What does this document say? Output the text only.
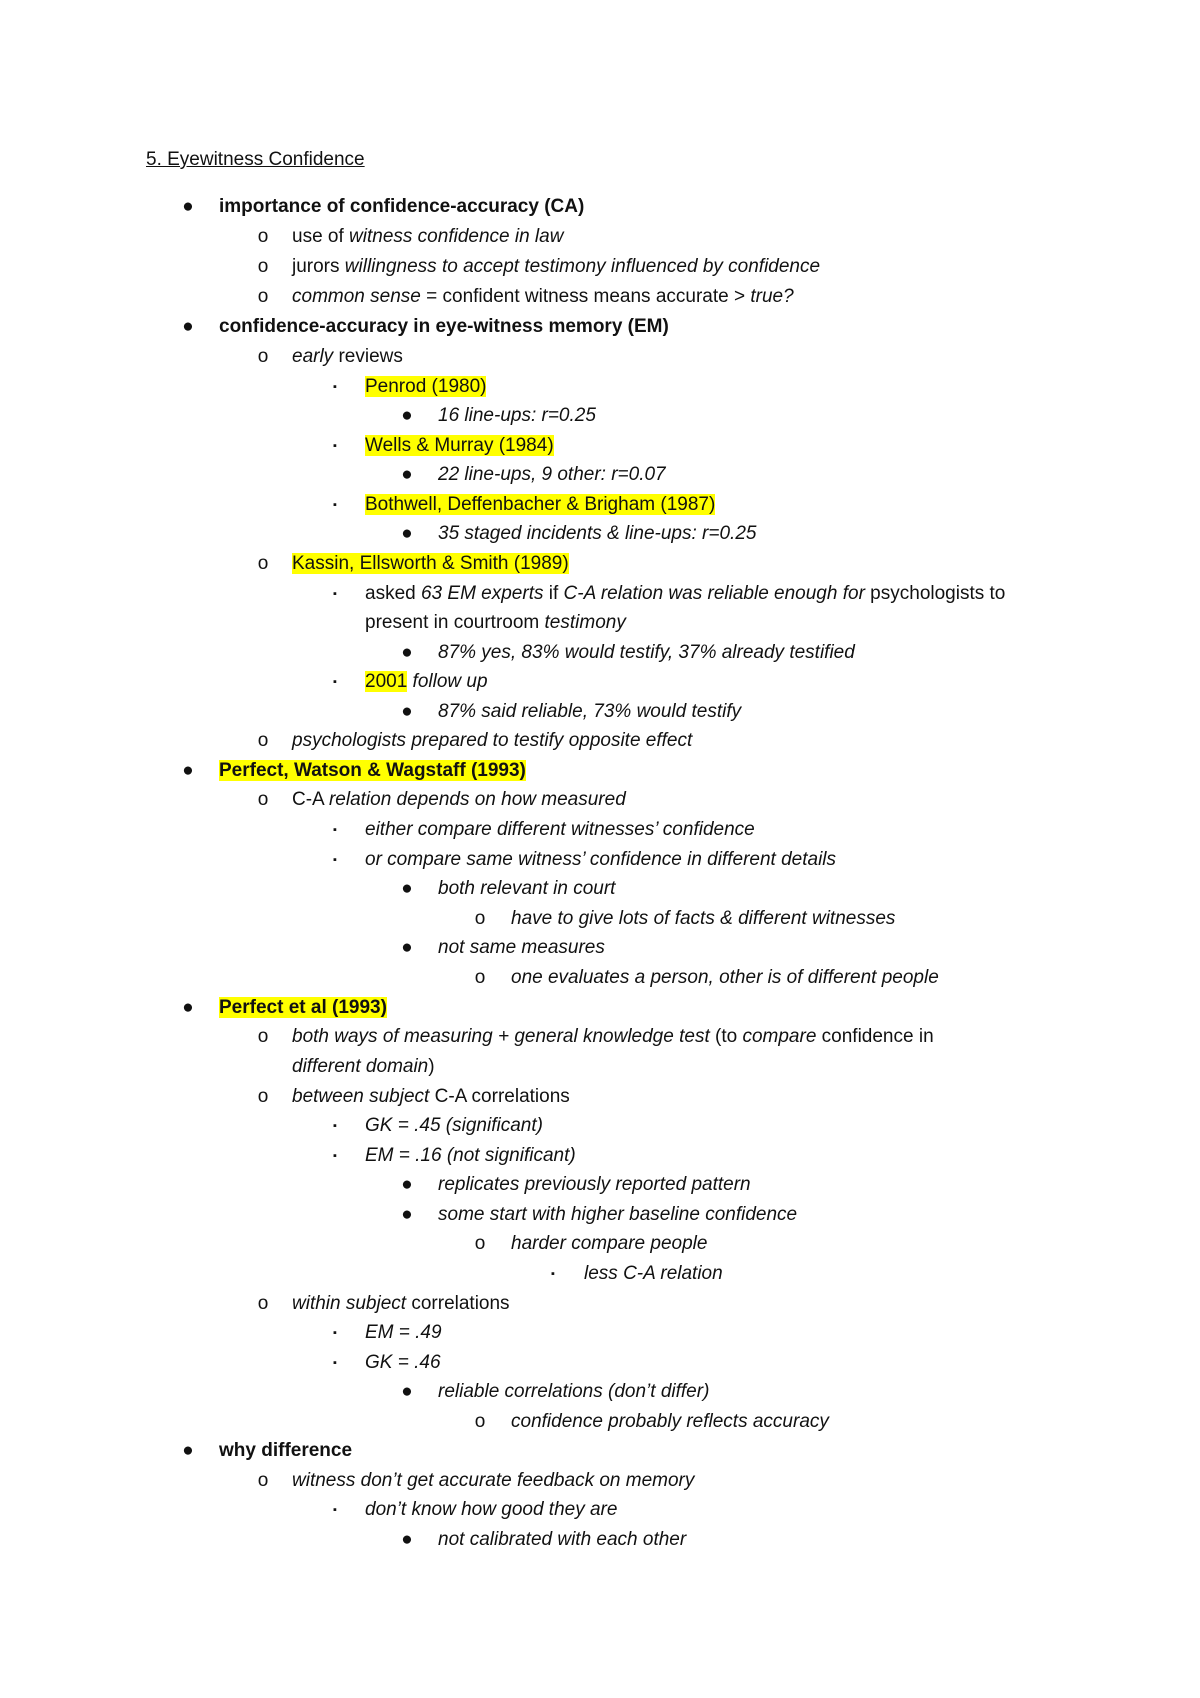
5. Eyewitness Confidence
● importance of confidence-accuracy (CA)
o use of witness confidence in law
o jurors willingness to accept testimony influenced by confidence
o common sense = confident witness means accurate > true?
● confidence-accuracy in eye-witness memory (EM)
o early reviews
▪	Penrod (1980)
● 16 line-ups: r=0.25
▪	Wells & Murray (1984)
● 22 line-ups, 9 other: r=0.07
▪	Bothwell, Deffenbacher & Brigham (1987)
● 35 staged incidents & line-ups: r=0.25
o Kassin, Ellsworth & Smith (1989)
▪	asked 63 EM experts if C-A relation was reliable enough for psychologists to
present in courtroom testimony
● 87% yes, 83% would testify, 37% already testified
▪	2001 follow up
● 87% said reliable, 73% would testify
o psychologists prepared to testify opposite effect
● Perfect, Watson & Wagstaff (1993)
o C-A relation depends on how measured
▪	either compare different witnesses’ confidence
▪	or compare same witness’ confidence in different details
● both relevant in court
o have to give lots of facts & different witnesses
● not same measures
o one evaluates a person, other is of different people
● Perfect et al (1993)
o both ways of measuring + general knowledge test (to compare confidence in
different domain)
o between subject C-A correlations
▪	GK = .45 (significant)
▪	EM = .16 (not significant)
● replicates previously reported pattern
● some start with higher baseline confidence
o harder compare people
▪	less C-A relation
o within subject correlations
▪	EM = .49
▪	GK = .46
● reliable correlations (don’t differ)
o confidence probably reflects accuracy
● why difference
o witness don’t get accurate feedback on memory
▪	don’t know how good they are
● not calibrated with each other
